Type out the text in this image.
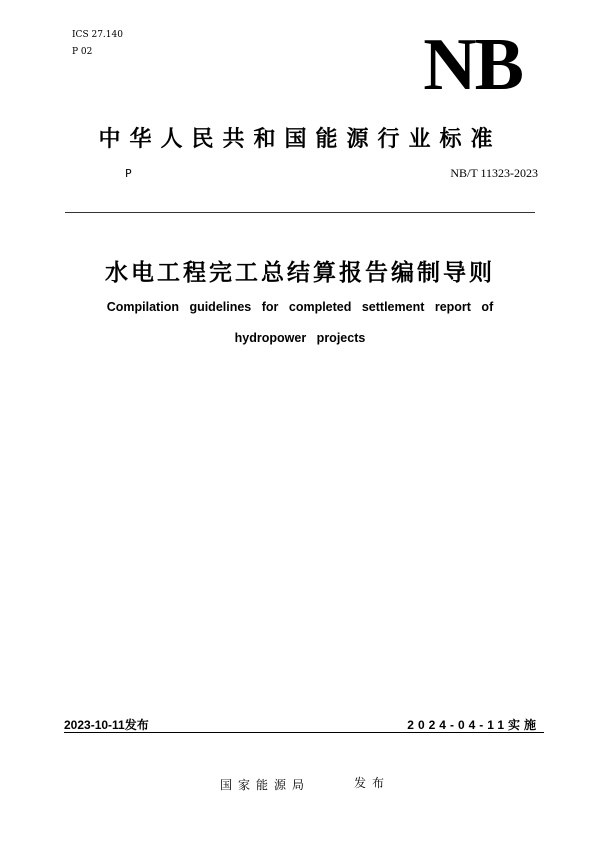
ICS 27.140
P 02	NB
中华人民共和国能源行业标准
P	NB/T 11323-2023
水电工程完工总结算报告编制导则
Compilation guidelines for completed settlement report of
hydropower projects
2023-10-11发布	2024-04-11实施
国家能源局	发布
